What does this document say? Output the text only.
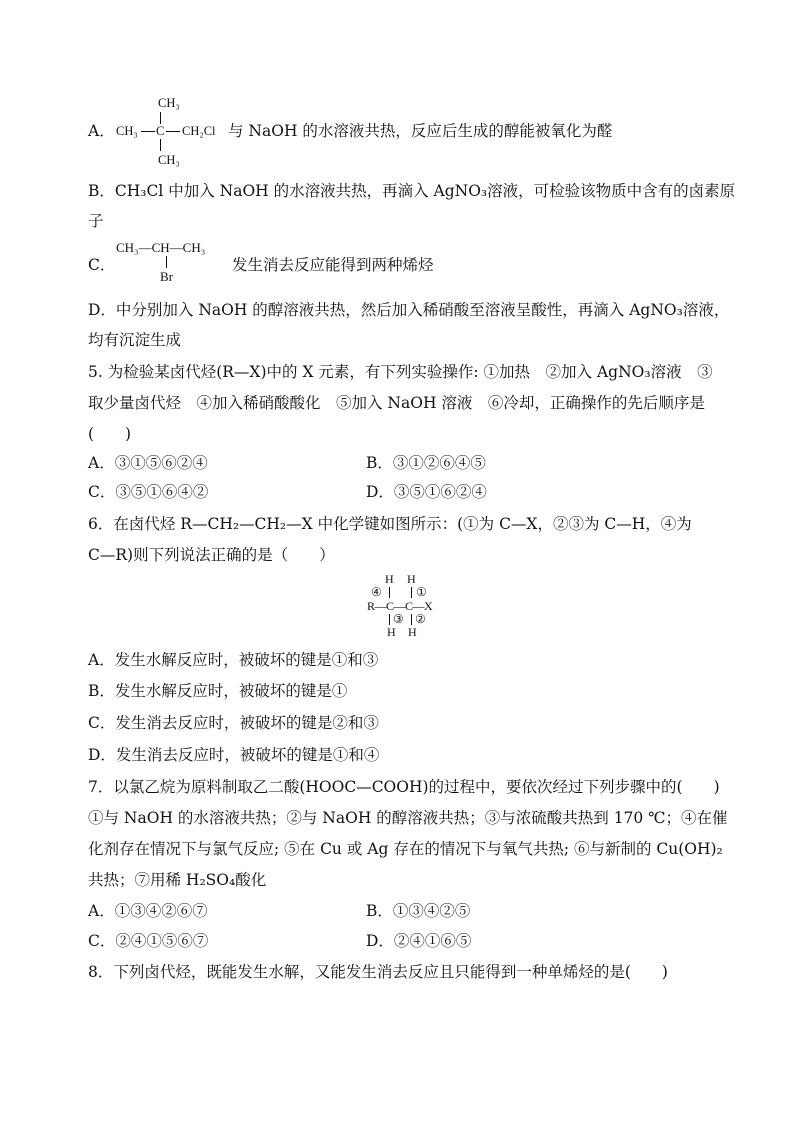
A．
CH₃
CH₃ C CH₂Cl
CH₃
与 NaOH 的水溶液共热，反应后生成的醇能被氧化为醛
B．CH₃Cl 中加入 NaOH 的水溶液共热，再滴入 AgNO₃溶液，可检验该物质中含有的卤素原
子
C．
CH₃—CH—CH₃
Br
发生消去反应能得到两种烯烃
D．中分别加入 NaOH 的醇溶液共热，然后加入稀硝酸至溶液呈酸性，再滴入 AgNO₃溶液，
均有沉淀生成
5. 为检验某卤代烃(R—X)中的 X 元素，有下列实验操作: ①加热　②加入 AgNO₃溶液　③
取少量卤代烃　④加入稀硝酸酸化　⑤加入 NaOH 溶液　⑥冷却，正确操作的先后顺序是
(　　)
A．③①⑤⑥②④	B．③①②⑥④⑤
C．③⑤①⑥④②	D．③⑤①⑥②④
6．在卤代烃 R—CH₂—CH₂—X 中化学键如图所示：(①为 C—X，②③为 C—H，④为
C—R)则下列说法正确的是（　　）
H H
④	①
R—C—C—X
③ ②
H H
A．发生水解反应时，被破坏的键是①和③
B．发生水解反应时，被破坏的键是①
C．发生消去反应时，被破坏的键是②和③
D．发生消去反应时，被破坏的键是①和④
7．以氯乙烷为原料制取乙二酸(HOOC—COOH)的过程中，要依次经过下列步骤中的(　　)
①与 NaOH 的水溶液共热；②与 NaOH 的醇溶液共热；③与浓硫酸共热到 170 ℃；④在催
化剂存在情况下与氯气反应; ⑤在 Cu 或 Ag 存在的情况下与氧气共热; ⑥与新制的 Cu(OH)₂
共热；⑦用稀 H₂SO₄酸化
A．①③④②⑥⑦	B．①③④②⑤
C．②④①⑤⑥⑦	D．②④①⑥⑤
8．下列卤代烃，既能发生水解，又能发生消去反应且只能得到一种单烯烃的是(　　)
